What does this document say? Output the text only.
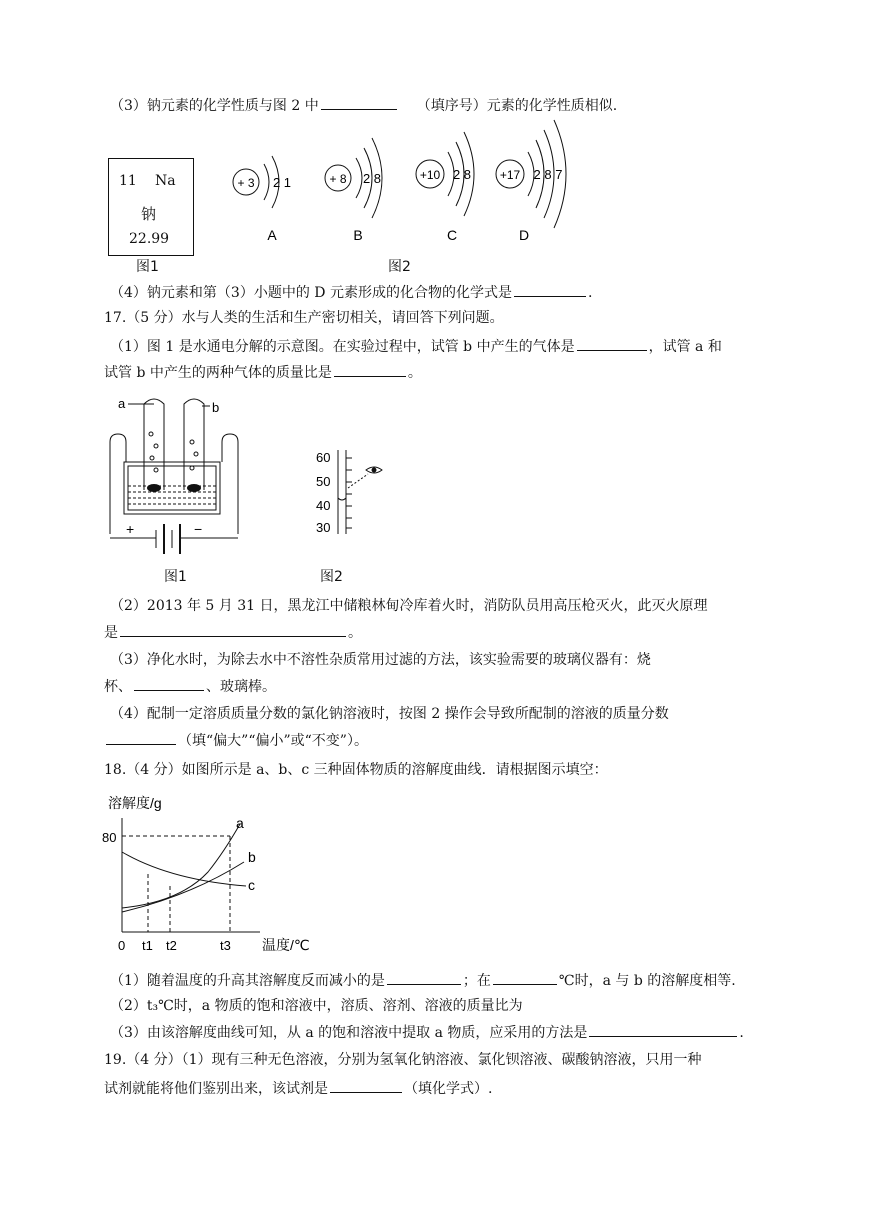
（3）钠元素的化学性质与图 2 中	（填序号）元素的化学性质相似.
11 Na
钠
22.99
图1
+ 3 2 1
A
+ 8 2 8
B
+10 2 8
C
+17 2 8 7
D
图2
（4）钠元素和第（3）小题中的 D 元素形成的化合物的化学式是	.
17.（5 分）水与人类的生活和生产密切相关，请回答下列问题。
（1）图 1 是水通电分解的示意图。在实验过程中，试管 b 中产生的气体是	，试管 a 和
试管 b 中产生的两种气体的质量比是	。
a	b
+	−
图1
60
50
40
30
图2
（2）2013 年 5 月 31 日，黑龙江中储粮林甸冷库着火时，消防队员用高压枪灭火，此灭火原理
是	。
（3）净化水时，为除去水中不溶性杂质常用过滤的方法，该实验需要的玻璃仪器有：烧
杯、	、玻璃棒。
（4）配制一定溶质质量分数的氯化钠溶液时，按图 2 操作会导致所配制的溶液的质量分数
（填“偏大”“偏小”或“不变”）。
18.（4 分）如图所示是 a、b、c 三种固体物质的溶解度曲线．请根据图示填空：
溶解度/g
温度/℃
80
0 t1 t2	t3
a
b
c
（1）随着温度的升高其溶解度反而减小的是	；在	℃时，a 与 b 的溶解度相等.
（2）t₃℃时，a 物质的饱和溶液中，溶质、溶剂、溶液的质量比为
（3）由该溶解度曲线可知，从 a 的饱和溶液中提取 a 物质，应采用的方法是	.
19.（4 分）（1）现有三种无色溶液，分别为氢氧化钠溶液、氯化钡溶液、碳酸钠溶液，只用一种
试剂就能将他们鉴别出来，该试剂是	（填化学式）.
